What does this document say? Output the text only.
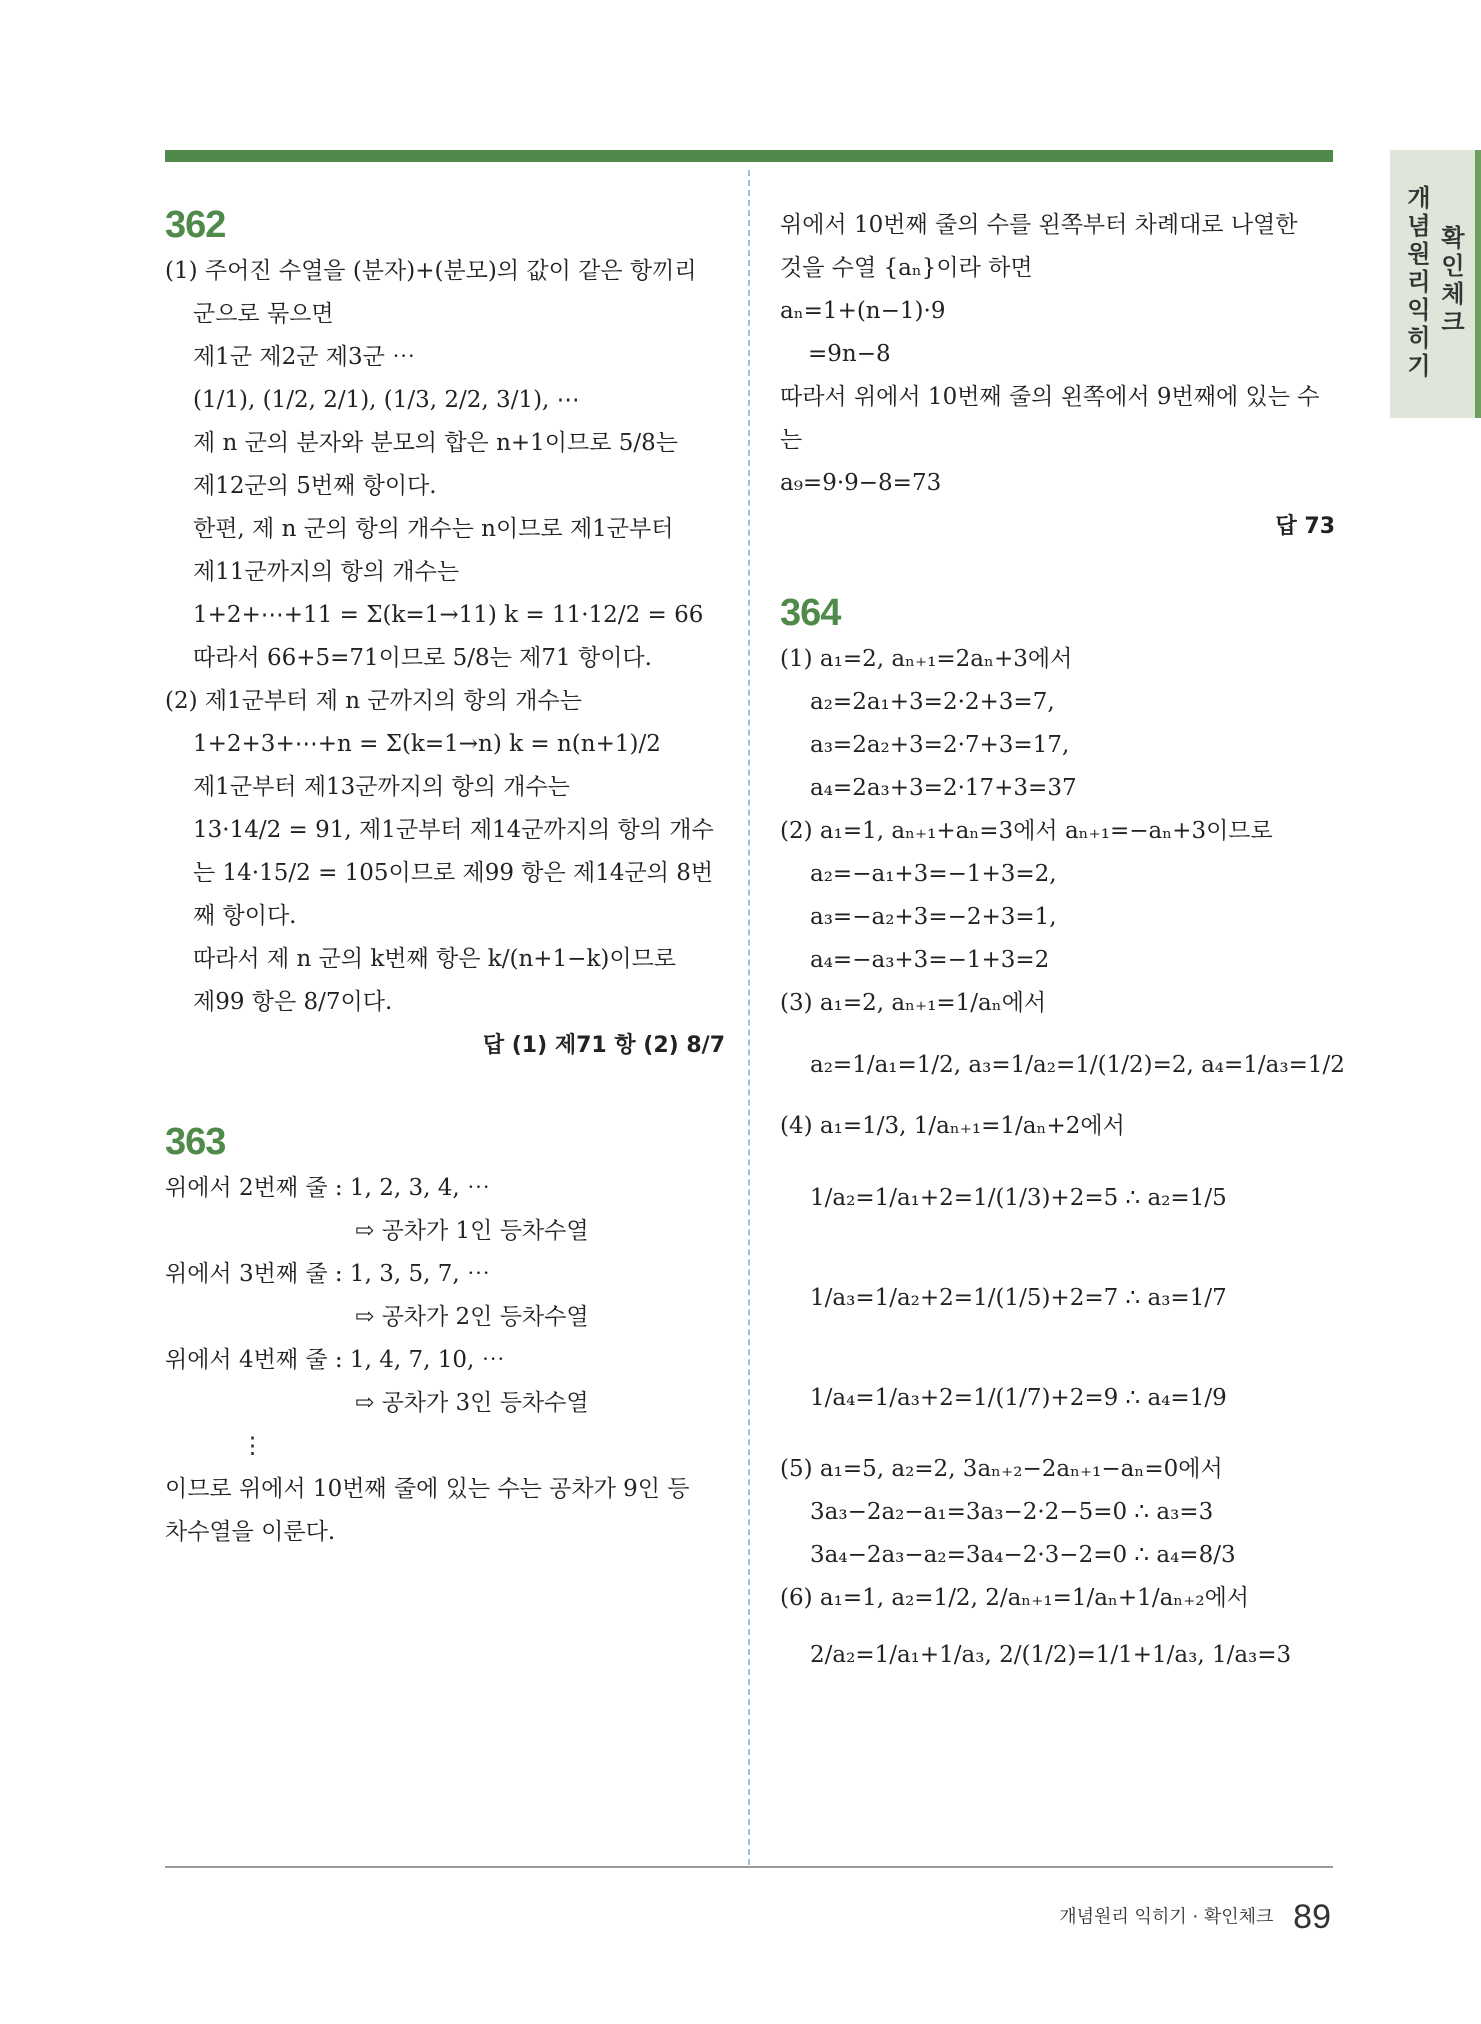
개념원리 익히기
확인체크

362

(1) 주어진 수열을 (분자)+(분모)의 값이 같은 항끼리

군으로 묶으면

제1군 제2군 제3군 ⋯

(1/1), (1/2, 2/1), (1/3, 2/2, 3/1), ⋯

제 n 군의 분자와 분모의 합은 n+1이므로 5/8는

제12군의 5번째 항이다.

한편, 제 n 군의 항의 개수는 n이므로 제1군부터

제11군까지의 항의 개수는

1+2+⋯+11 = Σ(k=1→11) k = 11·12/2 = 66

따라서 66+5=71이므로 5/8는 제71 항이다.

(2) 제1군부터 제 n 군까지의 항의 개수는

1+2+3+⋯+n = Σ(k=1→n) k = n(n+1)/2

제1군부터 제13군까지의 항의 개수는

13·14/2 = 91, 제1군부터 제14군까지의 항의 개수

는 14·15/2 = 105이므로 제99 항은 제14군의 8번

째 항이다.

따라서 제 n 군의 k번째 항은 k/(n+1−k)이므로

제99 항은 8/7이다.

답 (1) 제71 항 (2) 8/7

363

위에서 2번째 줄 : 1, 2, 3, 4, ⋯

⇨ 공차가 1인 등차수열

위에서 3번째 줄 : 1, 3, 5, 7, ⋯

⇨ 공차가 2인 등차수열

위에서 4번째 줄 : 1, 4, 7, 10, ⋯

⇨ 공차가 3인 등차수열

⋮

이므로 위에서 10번째 줄에 있는 수는 공차가 9인 등

차수열을 이룬다.

위에서 10번째 줄의 수를 왼쪽부터 차례대로 나열한

것을 수열 {aₙ}이라 하면

aₙ=1+(n−1)·9

=9n−8

따라서 위에서 10번째 줄의 왼쪽에서 9번째에 있는 수

는

a₉=9·9−8=73

답 73

364

(1) a₁=2, aₙ₊₁=2aₙ+3에서

a₂=2a₁+3=2·2+3=7,

a₃=2a₂+3=2·7+3=17,

a₄=2a₃+3=2·17+3=37

(2) a₁=1, aₙ₊₁+aₙ=3에서 aₙ₊₁=−aₙ+3이므로

a₂=−a₁+3=−1+3=2,

a₃=−a₂+3=−2+3=1,

a₄=−a₃+3=−1+3=2

(3) a₁=2, aₙ₊₁=1/aₙ에서

a₂=1/a₁=1/2, a₃=1/a₂=1/(1/2)=2, a₄=1/a₃=1/2

(4) a₁=1/3, 1/aₙ₊₁=1/aₙ+2에서

1/a₂=1/a₁+2=1/(1/3)+2=5 ∴ a₂=1/5

1/a₃=1/a₂+2=1/(1/5)+2=7 ∴ a₃=1/7

1/a₄=1/a₃+2=1/(1/7)+2=9 ∴ a₄=1/9

(5) a₁=5, a₂=2, 3aₙ₊₂−2aₙ₊₁−aₙ=0에서

3a₃−2a₂−a₁=3a₃−2·2−5=0 ∴ a₃=3

3a₄−2a₃−a₂=3a₄−2·3−2=0 ∴ a₄=8/3

(6) a₁=1, a₂=1/2, 2/aₙ₊₁=1/aₙ+1/aₙ₊₂에서

2/a₂=1/a₁+1/a₃, 2/(1/2)=1/1+1/a₃, 1/a₃=3

개념원리 익히기 · 확인체크 89
